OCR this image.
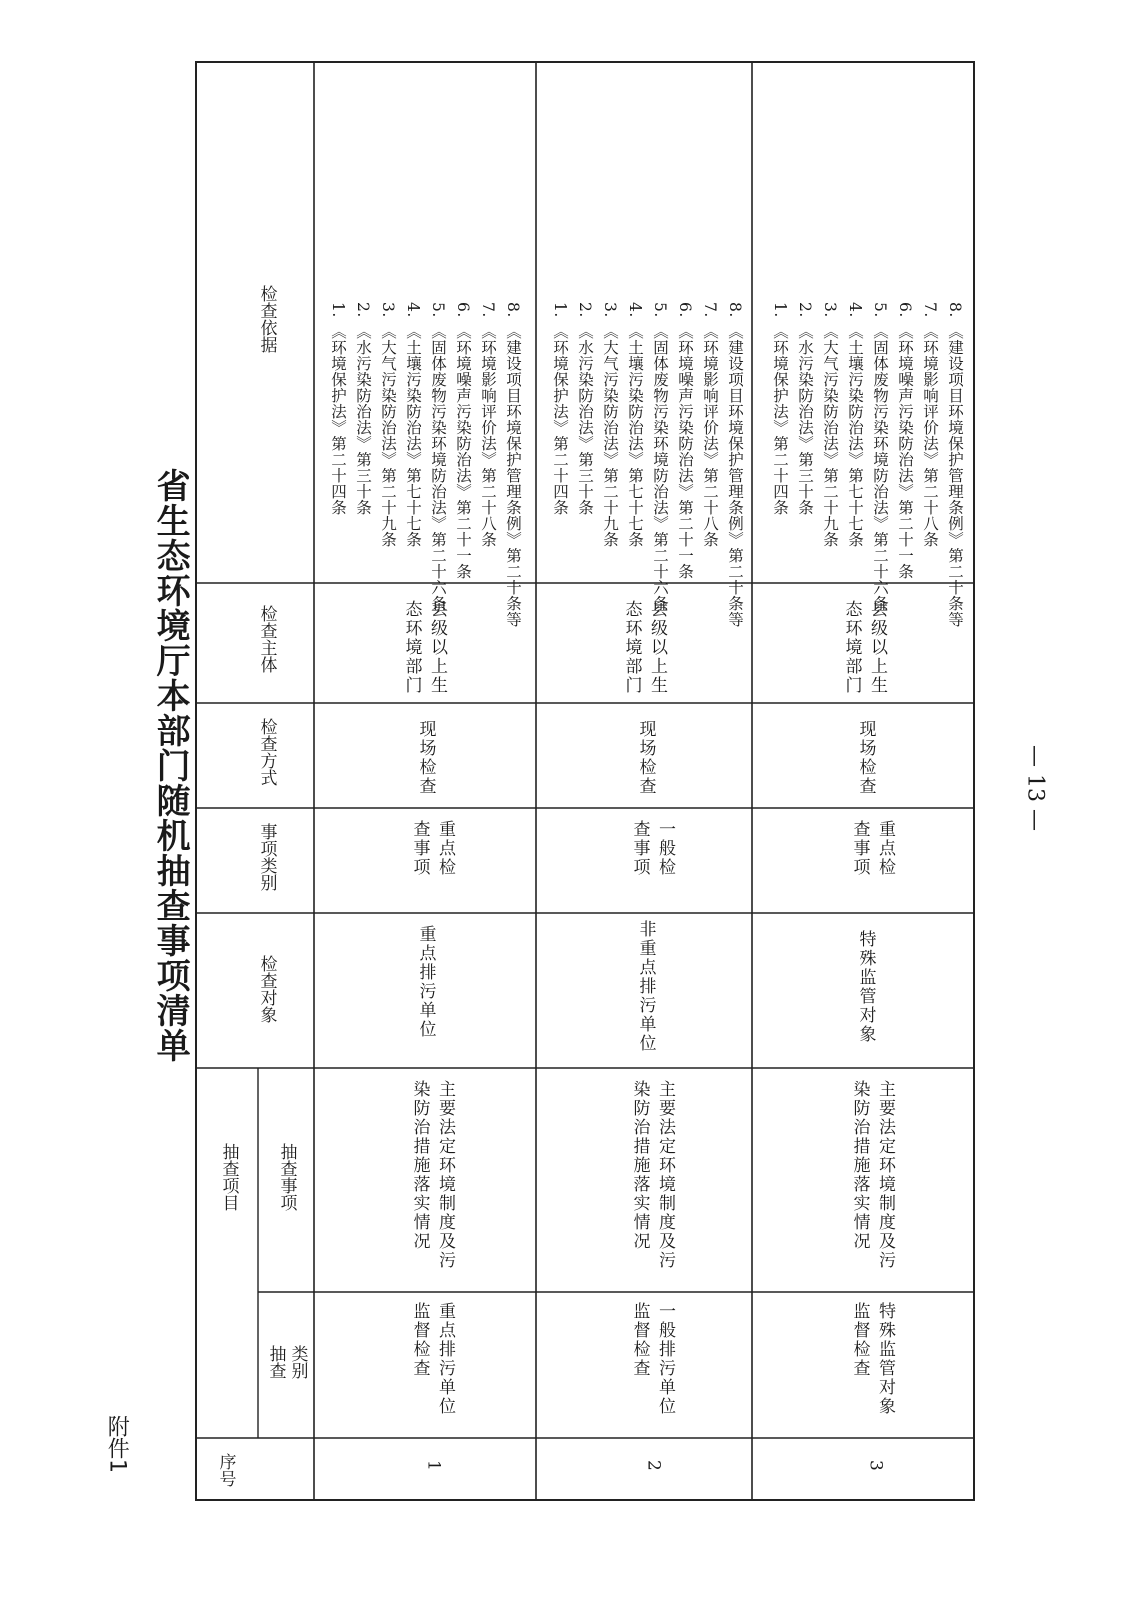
附件1
省生态环境厅本部门随机抽查事项清单
序号
抽查项目
抽查 类别
抽查事项
检查对象
事项类别
检查方式
检查主体
检查依据
1
重点排污单位监督检查
主要法定环境制度及污染防治措施落实情况
重点排污单位
重点检查事项
现场检查
县级以上生态环境部门
1. 《环境保护法》第二十四条 2. 《水污染防治法》第三十条 3. 《大气污染防治法》第二十九条 4. 《土壤污染防治法》第七十七条 5. 《固体废物污染环境防治法》第二十六条 6. 《环境噪声污染防治法》第二十一条 7. 《环境影响评价法》第二十八条 8. 《建设项目环境保护管理条例》第二十条等
2
一般排污单位监督检查
主要法定环境制度及污染防治措施落实情况
非重点排污单位
一般检查事项
现场检查
县级以上生态环境部门
1. 《环境保护法》第二十四条 2. 《水污染防治法》第三十条 3. 《大气污染防治法》第二十九条 4. 《土壤污染防治法》第七十七条 5. 《固体废物污染环境防治法》第二十六条 6. 《环境噪声污染防治法》第二十一条 7. 《环境影响评价法》第二十八条 8. 《建设项目环境保护管理条例》第二十条等
3
特殊监管对象监督检查
主要法定环境制度及污染防治措施落实情况
特殊监管对象
重点检查事项
现场检查
县级以上生态环境部门
1. 《环境保护法》第二十四条 2. 《水污染防治法》第三十条 3. 《大气污染防治法》第二十九条 4. 《土壤污染防治法》第七十七条 5. 《固体废物污染环境防治法》第二十六条 6. 《环境噪声污染防治法》第二十一条 7. 《环境影响评价法》第二十八条 8. 《建设项目环境保护管理条例》第二十条等
— 13 —
